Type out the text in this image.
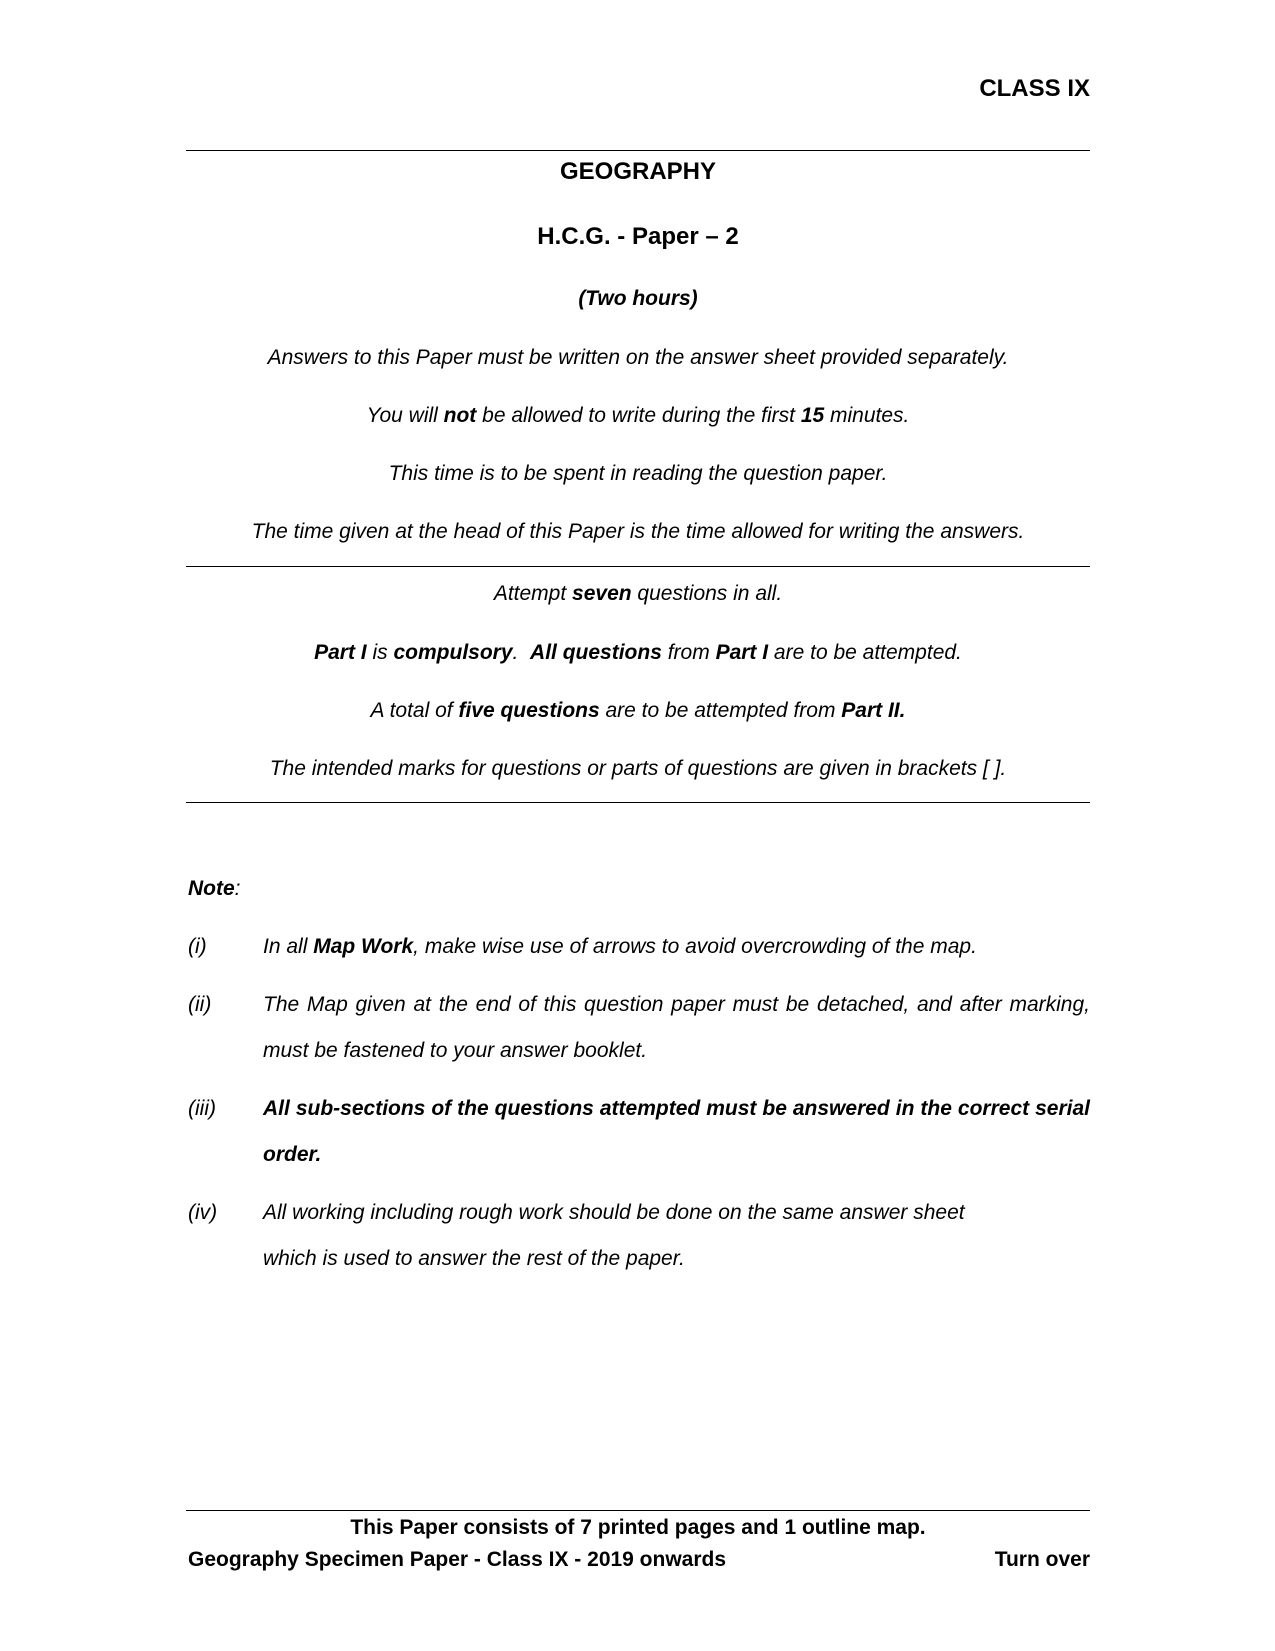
CLASS IX
GEOGRAPHY
H.C.G. - Paper – 2
(Two hours)
Answers to this Paper must be written on the answer sheet provided separately.
You will not be allowed to write during the first 15 minutes.
This time is to be spent in reading the question paper.
The time given at the head of this Paper is the time allowed for writing the answers.
Attempt seven questions in all.
Part I is compulsory.  All questions from Part I are to be attempted.
A total of five questions are to be attempted from Part II.
The intended marks for questions or parts of questions are given in brackets [ ].
Note:
(i)	In all Map Work, make wise use of arrows to avoid overcrowding of the map.
(ii) The Map given at the end of this question paper must be detached, and after marking, must be fastened to your answer booklet.
(iii) All sub-sections of the questions attempted must be answered in the correct serial order.
(iv) All working including rough work should be done on the same answer sheet
which is used to answer the rest of the paper.
This Paper consists of 7 printed pages and 1 outline map.
Geography Specimen Paper - Class IX - 2019 onwards	Turn over
